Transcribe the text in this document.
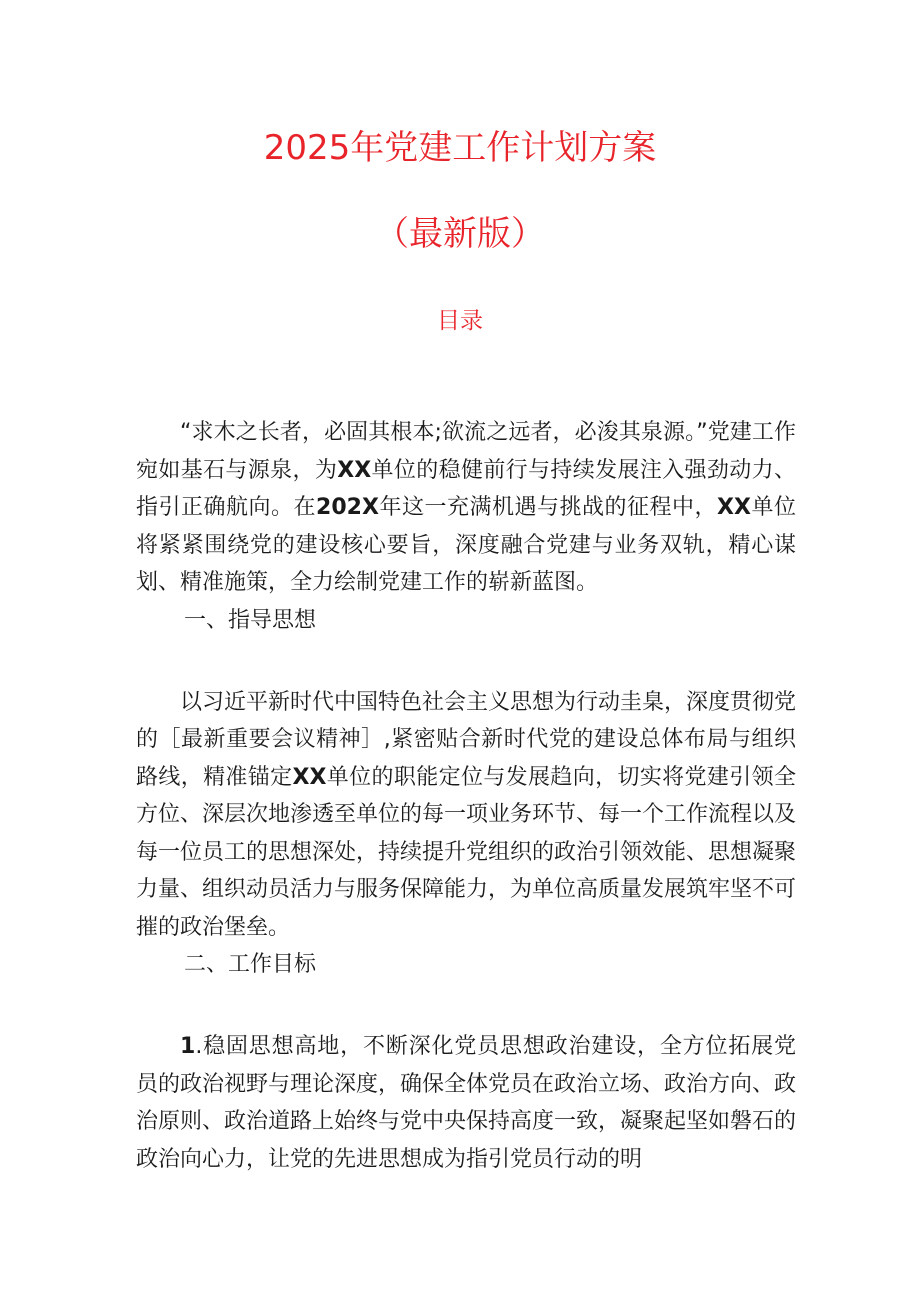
2025年党建工作计划方案
（最新版）
目录

“求木之长者，必固其根本;欲流之远者，必浚其泉源。”党建工作宛如基石与源泉，为XX单位的稳健前行与持续发展注入强劲动力、指引正确航向。在202X年这一充满机遇与挑战的征程中，XX单位将紧紧围绕党的建设核心要旨，深度融合党建与业务双轨，精心谋划、精准施策，全力绘制党建工作的崭新蓝图。

一、指导思想

以习近平新时代中国特色社会主义思想为行动圭臬，深度贯彻党的［最新重要会议精神］,紧密贴合新时代党的建设总体布局与组织路线，精准锚定XX单位的职能定位与发展趋向，切实将党建引领全方位、深层次地渗透至单位的每一项业务环节、每一个工作流程以及每一位员工的思想深处，持续提升党组织的政治引领效能、思想凝聚力量、组织动员活力与服务保障能力，为单位高质量发展筑牢坚不可摧的政治堡垒。

二、工作目标

1.稳固思想高地，不断深化党员思想政治建设，全方位拓展党员的政治视野与理论深度，确保全体党员在政治立场、政治方向、政治原则、政治道路上始终与党中央保持高度一致，凝聚起坚如磐石的政治向心力，让党的先进思想成为指引党员行动的明
